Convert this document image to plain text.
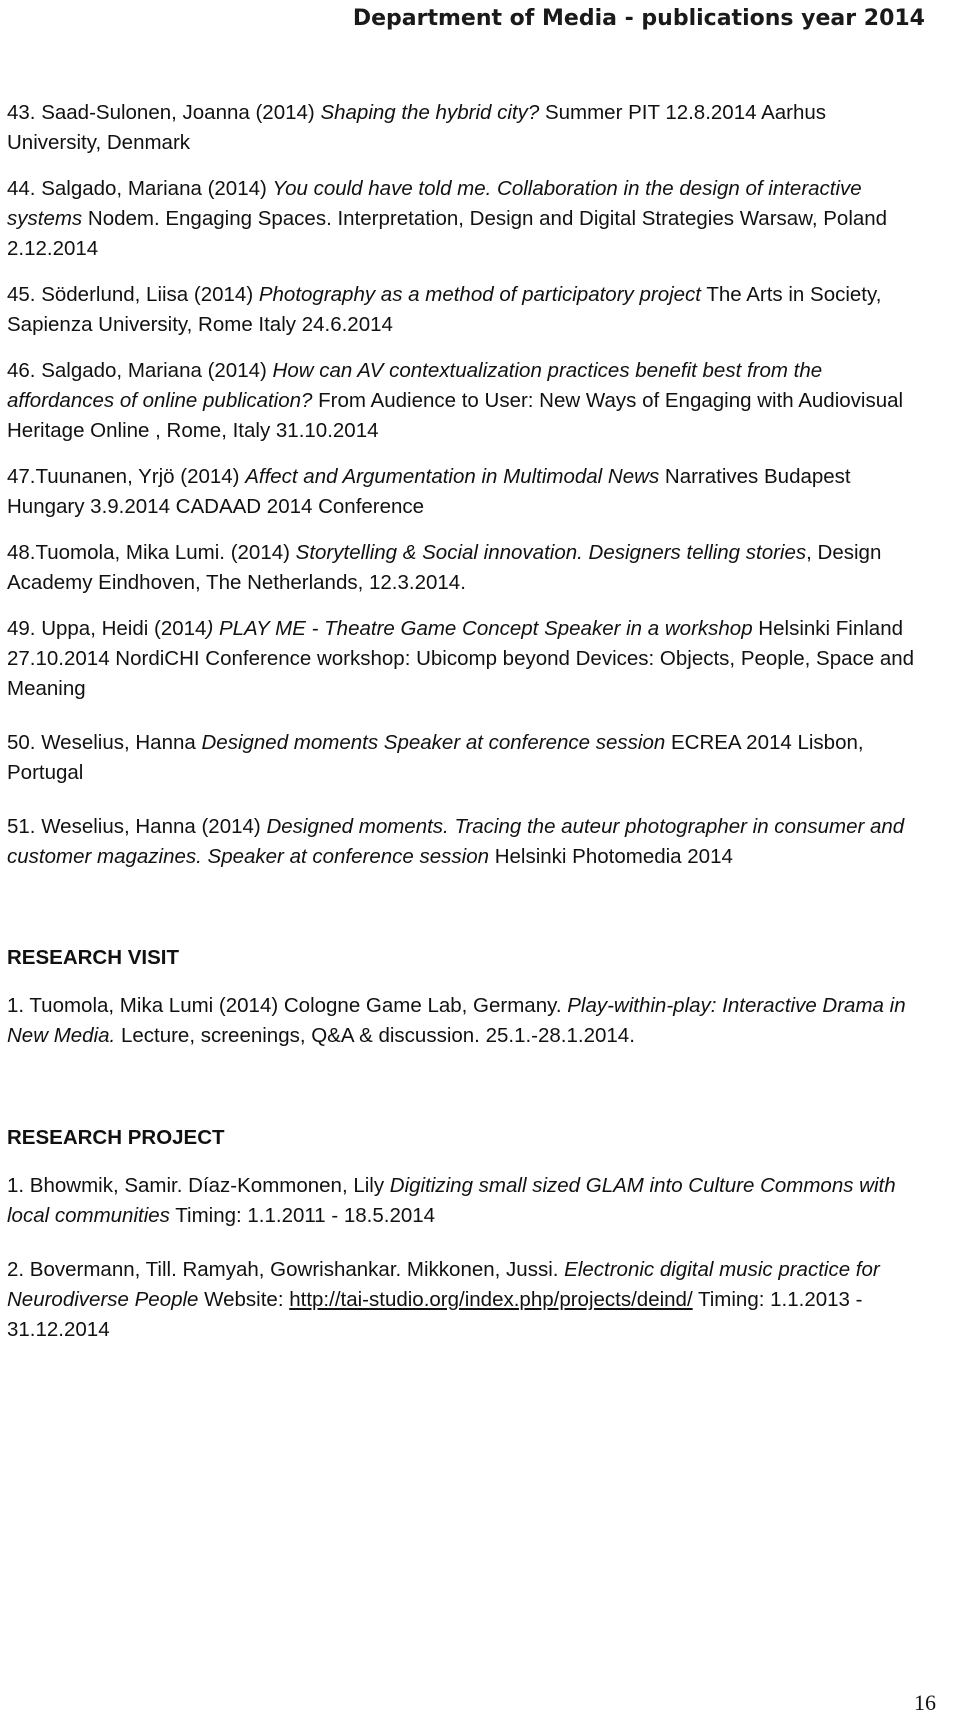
Department of Media - publications year 2014

43. Saad-Sulonen, Joanna (2014) Shaping the hybrid city? Summer PIT 12.8.2014 Aarhus University, Denmark

44. Salgado, Mariana (2014) You could have told me. Collaboration in the design of interactive systems Nodem. Engaging Spaces. Interpretation, Design and Digital Strategies Warsaw, Poland 2.12.2014

45. Söderlund, Liisa (2014) Photography as a method of participatory project The Arts in Society, Sapienza University, Rome Italy 24.6.2014

46. Salgado, Mariana (2014) How can AV contextualization practices benefit best from the affordances of online publication? From Audience to User: New Ways of Engaging with Audiovisual Heritage Online , Rome, Italy 31.10.2014

47.Tuunanen, Yrjö (2014) Affect and Argumentation in Multimodal News Narratives Budapest Hungary 3.9.2014 CADAAD 2014 Conference

48.Tuomola, Mika Lumi. (2014) Storytelling & Social innovation. Designers telling stories, Design Academy Eindhoven, The Netherlands, 12.3.2014.

49. Uppa, Heidi (2014) PLAY ME - Theatre Game Concept Speaker in a workshop Helsinki Finland 27.10.2014 NordiCHI Conference workshop: Ubicomp beyond Devices: Objects, People, Space and Meaning

50. Weselius, Hanna Designed moments Speaker at conference session ECREA 2014 Lisbon, Portugal

51. Weselius, Hanna (2014) Designed moments. Tracing the auteur photographer in consumer and customer magazines. Speaker at conference session Helsinki Photomedia 2014

RESEARCH VISIT

1. Tuomola, Mika Lumi (2014) Cologne Game Lab, Germany. Play-within-play: Interactive Drama in New Media. Lecture, screenings, Q&A & discussion. 25.1.-28.1.2014.

RESEARCH PROJECT

1. Bhowmik, Samir. Díaz-Kommonen, Lily Digitizing small sized GLAM into Culture Commons with local communities Timing: 1.1.2011 - 18.5.2014

2. Bovermann, Till. Ramyah, Gowrishankar. Mikkonen, Jussi. Electronic digital music practice for Neurodiverse People Website: http://tai-studio.org/index.php/projects/deind/ Timing: 1.1.2013 - 31.12.2014

16
